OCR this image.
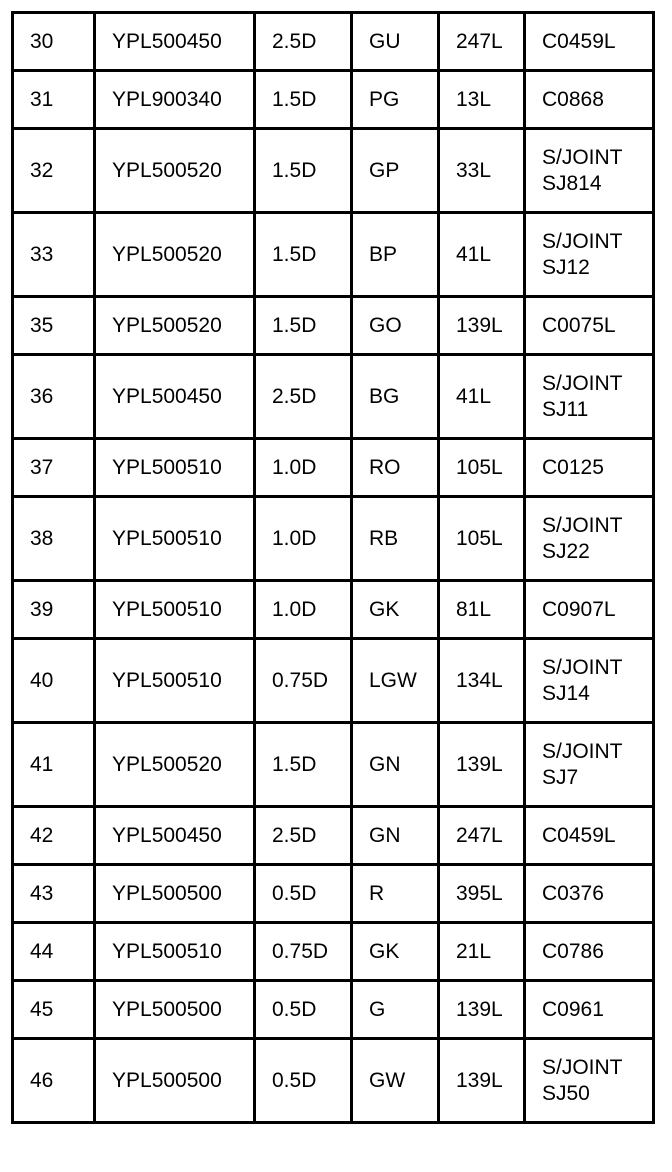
30	YPL500450	2.5D	GU	247L	C0459L
31	YPL900340	1.5D	PG	13L	C0868
32	YPL500520	1.5D	GP	33L	S/JOINT
SJ814

33	YPL500520	1.5D	BP	41L	S/JOINT
SJ12

35	YPL500520	1.5D	GO	139L	C0075L
36	YPL500450	2.5D	BG	41L	S/JOINT
SJ11

37	YPL500510	1.0D	RO	105L	C0125
38	YPL500510	1.0D	RB	105L	S/JOINT
SJ22

39	YPL500510	1.0D	GK	81L	C0907L
40	YPL500510	0.75D	LGW	134L	S/JOINT
SJ14

41	YPL500520	1.5D	GN	139L	S/JOINT
SJ7

42	YPL500450	2.5D	GN	247L	C0459L
43	YPL500500	0.5D	R	395L	C0376
44	YPL500510	0.75D	GK	21L	C0786
45	YPL500500	0.5D	G	139L	C0961
46	YPL500500	0.5D	GW	139L	S/JOINT
SJ50
